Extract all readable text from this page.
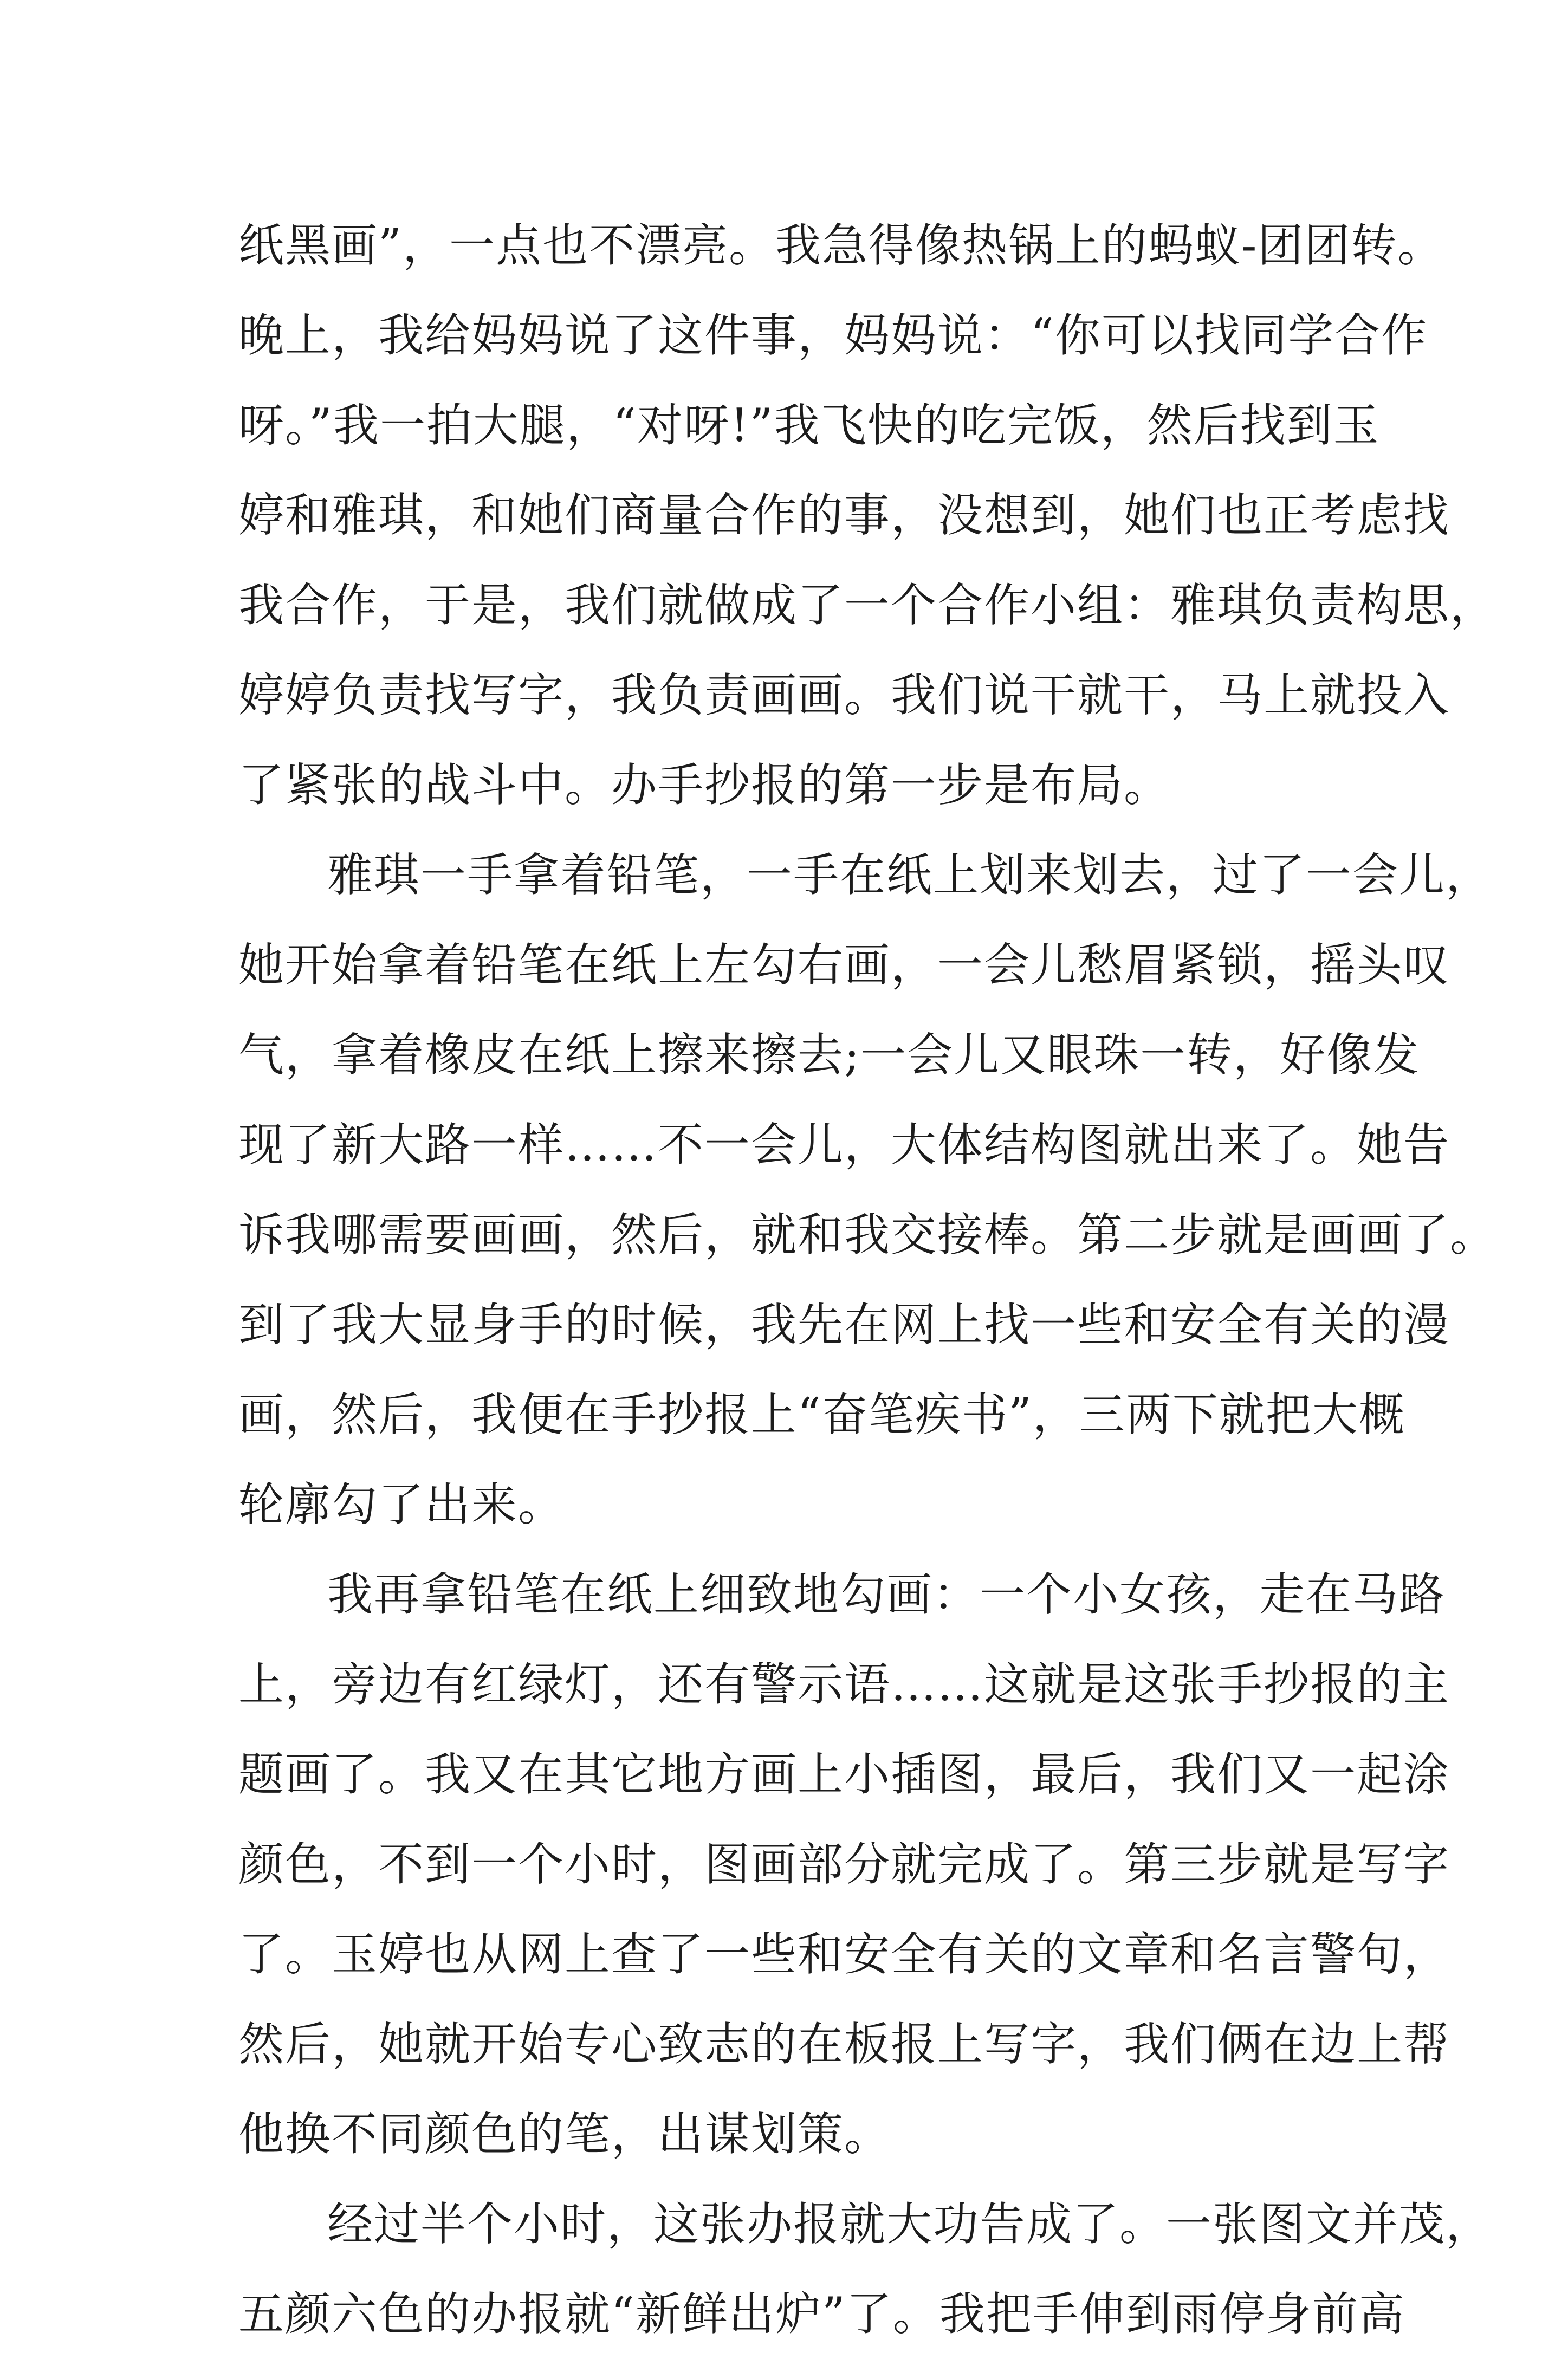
纸黑画”，一点也不漂亮。我急得像热锅上的蚂蚁-团团转。
晚上，我给妈妈说了这件事，妈妈说：“你可以找同学合作
呀。”我一拍大腿，“对呀!”我飞快的吃完饭，然后找到玉
婷和雅琪，和她们商量合作的事，没想到，她们也正考虑找
我合作，于是，我们就做成了一个合作小组：雅琪负责构思，
婷婷负责找写字，我负责画画。我们说干就干，马上就投入
了紧张的战斗中。办手抄报的第一步是布局。
雅琪一手拿着铅笔，一手在纸上划来划去，过了一会儿，
她开始拿着铅笔在纸上左勾右画，一会儿愁眉紧锁，摇头叹
气，拿着橡皮在纸上擦来擦去;一会儿又眼珠一转，好像发
现了新大路一样……不一会儿，大体结构图就出来了。她告
诉我哪需要画画，然后，就和我交接棒。第二步就是画画了。
到了我大显身手的时候，我先在网上找一些和安全有关的漫
画，然后，我便在手抄报上“奋笔疾书”，三两下就把大概
轮廓勾了出来。
我再拿铅笔在纸上细致地勾画：一个小女孩，走在马路
上，旁边有红绿灯，还有警示语……这就是这张手抄报的主
题画了。我又在其它地方画上小插图，最后，我们又一起涂
颜色，不到一个小时，图画部分就完成了。第三步就是写字
了。玉婷也从网上查了一些和安全有关的文章和名言警句，
然后，她就开始专心致志的在板报上写字，我们俩在边上帮
他换不同颜色的笔，出谋划策。
经过半个小时，这张办报就大功告成了。一张图文并茂，
五颜六色的办报就“新鲜出炉”了。我把手伸到雨停身前高
